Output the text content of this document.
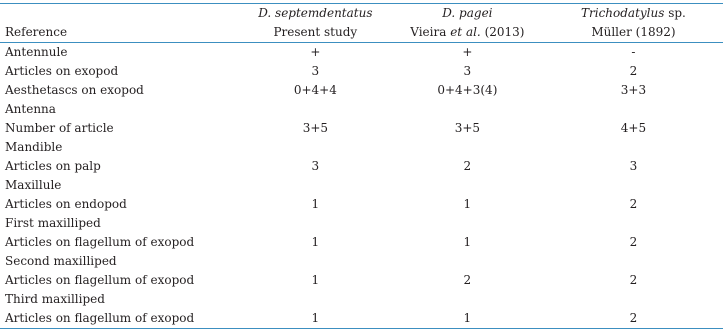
	D. septemdentatus	D. pagei	Trichodatylus sp.
Reference	Present study	Vieira et al. (2013)	Müller (1892)
Antennule	+	+	-
Articles on exopod	3	3	2
Aesthetascs on exopod	0+4+4	0+4+3(4)	3+3
Antenna			
Number of article	3+5	3+5	4+5
Mandible			
Articles on palp	3	2	3
Maxillule			
Articles on endopod	1	1	2
First maxilliped			
Articles on flagellum of exopod	1	1	2
Second maxilliped			
Articles on flagellum of exopod	1	2	2
Third maxilliped			
Articles on flagellum of exopod	1	1	2
